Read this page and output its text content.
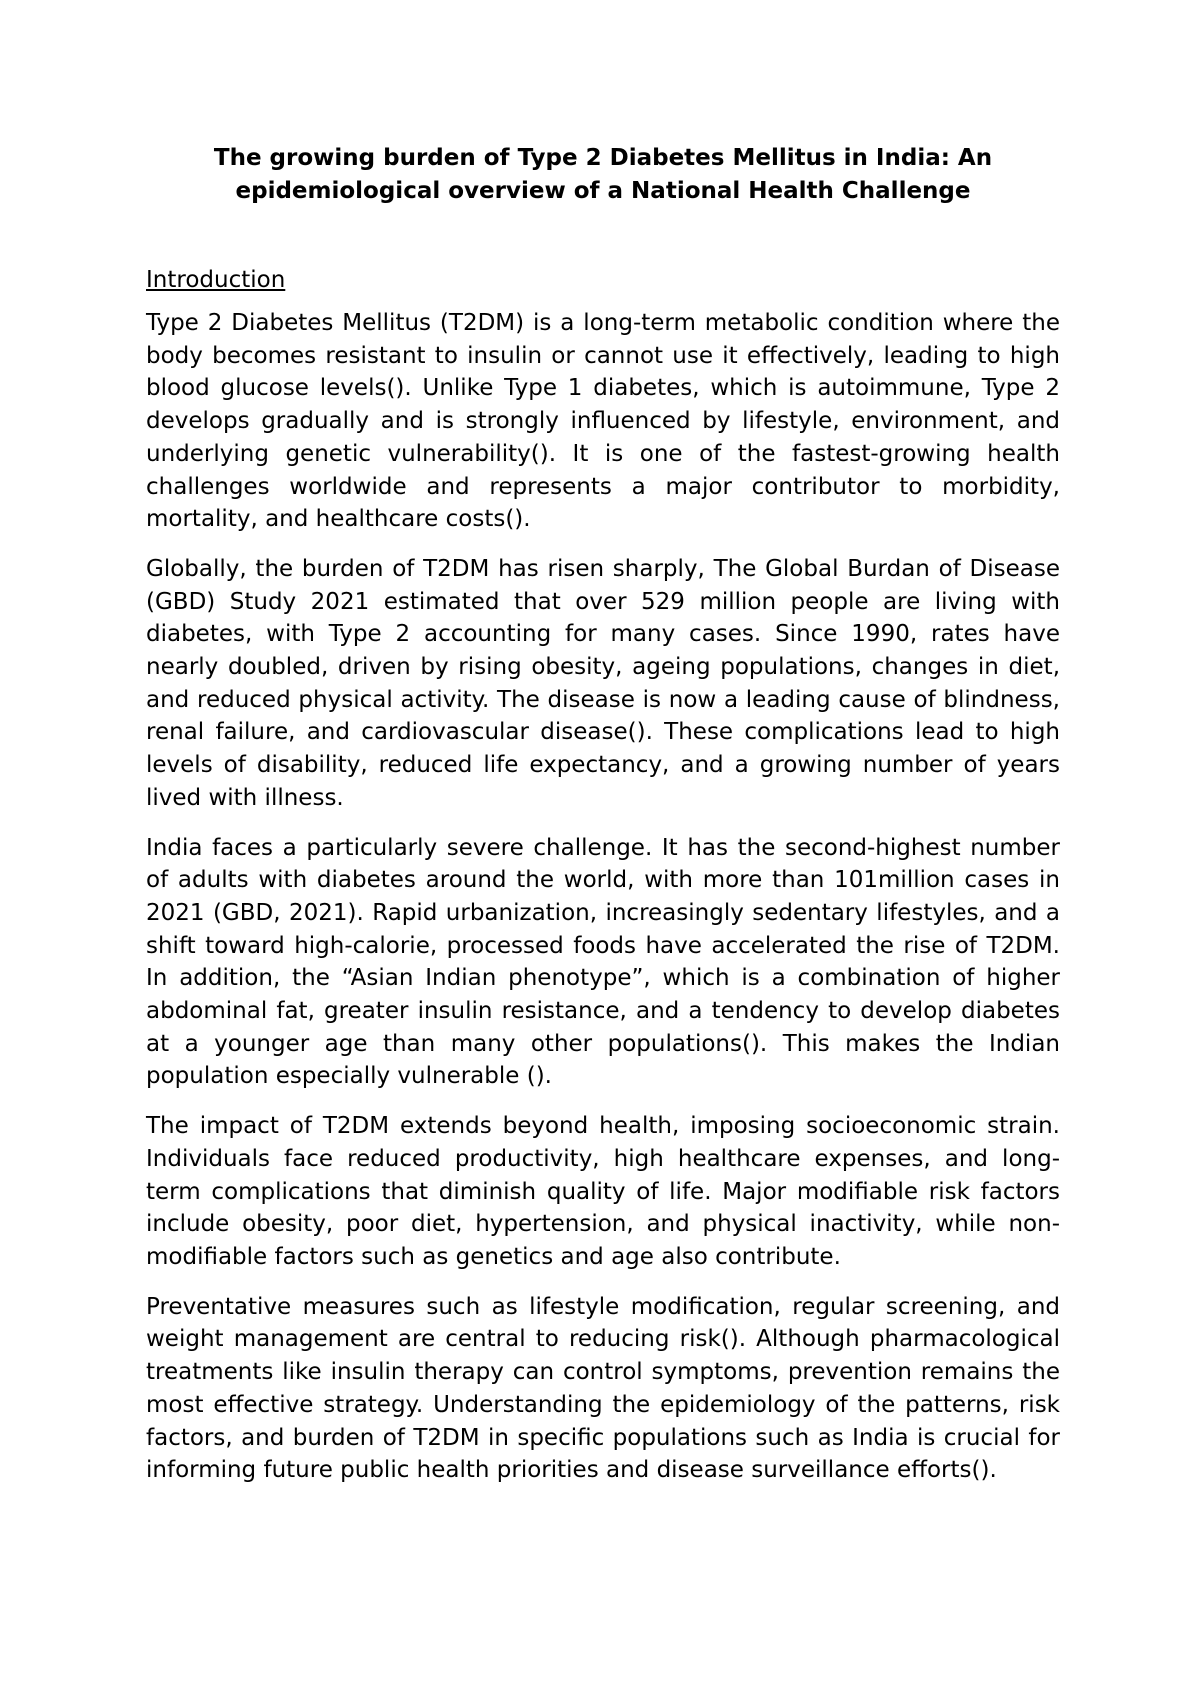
The growing burden of Type 2 Diabetes Mellitus in India: An
epidemiological overview of a National Health Challenge
Introduction

Type 2 Diabetes Mellitus (T2DM) is a long-term metabolic condition where the body becomes resistant to insulin or cannot use it effectively, leading to high blood glucose levels(). Unlike Type 1 diabetes, which is autoimmune, Type 2 develops gradually and is strongly influenced by lifestyle, environment, and underlying genetic vulnerability(). It is one of the fastest-growing health challenges worldwide and represents a major contributor to morbidity, mortality, and healthcare costs().

Globally, the burden of T2DM has risen sharply, The Global Burdan of Disease (GBD) Study 2021 estimated that over 529 million people are living with diabetes, with Type 2 accounting for many cases. Since 1990, rates have nearly doubled, driven by rising obesity, ageing populations, changes in diet, and reduced physical activity. The disease is now a leading cause of blindness, renal failure, and cardiovascular disease(). These complications lead to high levels of disability, reduced life expectancy, and a growing number of years lived with illness.

India faces a particularly severe challenge. It has the second-highest number of adults with diabetes around the world, with more than 101million cases in 2021 (GBD, 2021). Rapid urbanization, increasingly sedentary lifestyles, and a shift toward high-calorie, processed foods have accelerated the rise of T2DM. In addition, the “Asian Indian phenotype”, which is a combination of higher abdominal fat, greater insulin resistance, and a tendency to develop diabetes at a younger age than many other populations(). This makes the Indian population especially vulnerable ().

The impact of T2DM extends beyond health, imposing socioeconomic strain. Individuals face reduced productivity, high healthcare expenses, and long-term complications that diminish quality of life. Major modifiable risk factors include obesity, poor diet, hypertension, and physical inactivity, while non-modifiable factors such as genetics and age also contribute.

Preventative measures such as lifestyle modification, regular screening, and weight management are central to reducing risk(). Although pharmacological treatments like insulin therapy can control symptoms, prevention remains the most effective strategy. Understanding the epidemiology of the patterns, risk factors, and burden of T2DM in specific populations such as India is crucial for informing future public health priorities and disease surveillance efforts().
